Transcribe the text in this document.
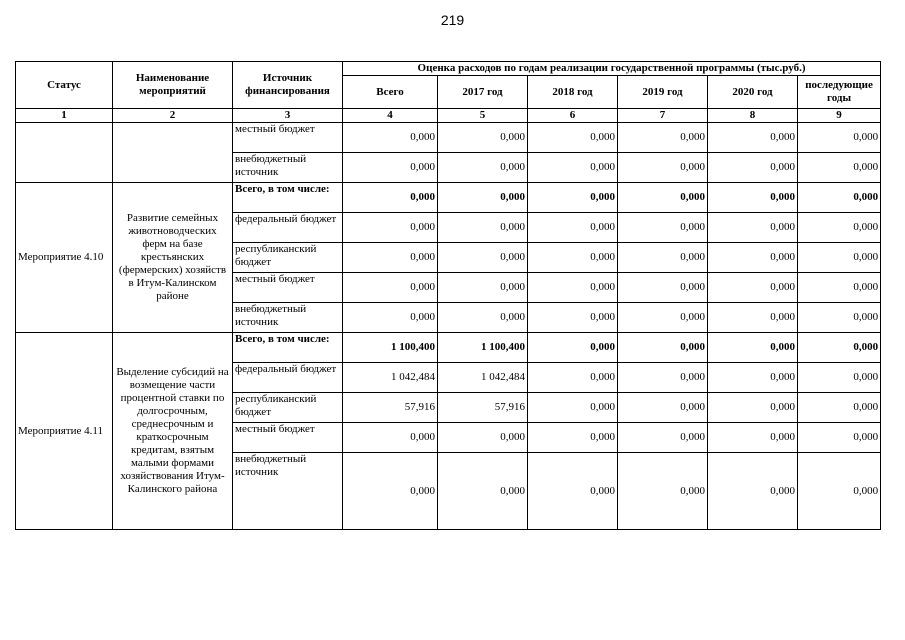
219
Статус	Наименование мероприятий	Источник финансирования	Оценка расходов по годам реализации государственной программы (тыс.руб.)					
			Всего	2017 год	2018 год	2019 год	2020 год	последующие годы
1	2	3	4	5	6	7	8	9
		местный бюджет	0,000	0,000	0,000	0,000	0,000	0,000
		внебюджетный источник	0,000	0,000	0,000	0,000	0,000	0,000
Мероприятие 4.10	Развитие семейных животноводческих ферм на базе крестьянских (фермерских) хозяйств в Итум-Калинском районе	Всего, в том числе:	0,000	0,000	0,000	0,000	0,000	0,000
		федеральный бюджет	0,000	0,000	0,000	0,000	0,000	0,000
		республиканский бюджет	0,000	0,000	0,000	0,000	0,000	0,000
		местный бюджет	0,000	0,000	0,000	0,000	0,000	0,000
		внебюджетный источник	0,000	0,000	0,000	0,000	0,000	0,000
Мероприятие 4.11	Выделение субсидий на возмещение части процентной ставки по долгосрочным, среднесрочным и краткосрочным кредитам, взятым малыми формами хозяйствования Итум-Калинского района	Всего, в том числе:	1 100,400	1 100,400	0,000	0,000	0,000	0,000
		федеральный бюджет	1 042,484	1 042,484	0,000	0,000	0,000	0,000
		республиканский бюджет	57,916	57,916	0,000	0,000	0,000	0,000
		местный бюджет	0,000	0,000	0,000	0,000	0,000	0,000
		внебюджетный источник	0,000	0,000	0,000	0,000	0,000	0,000
